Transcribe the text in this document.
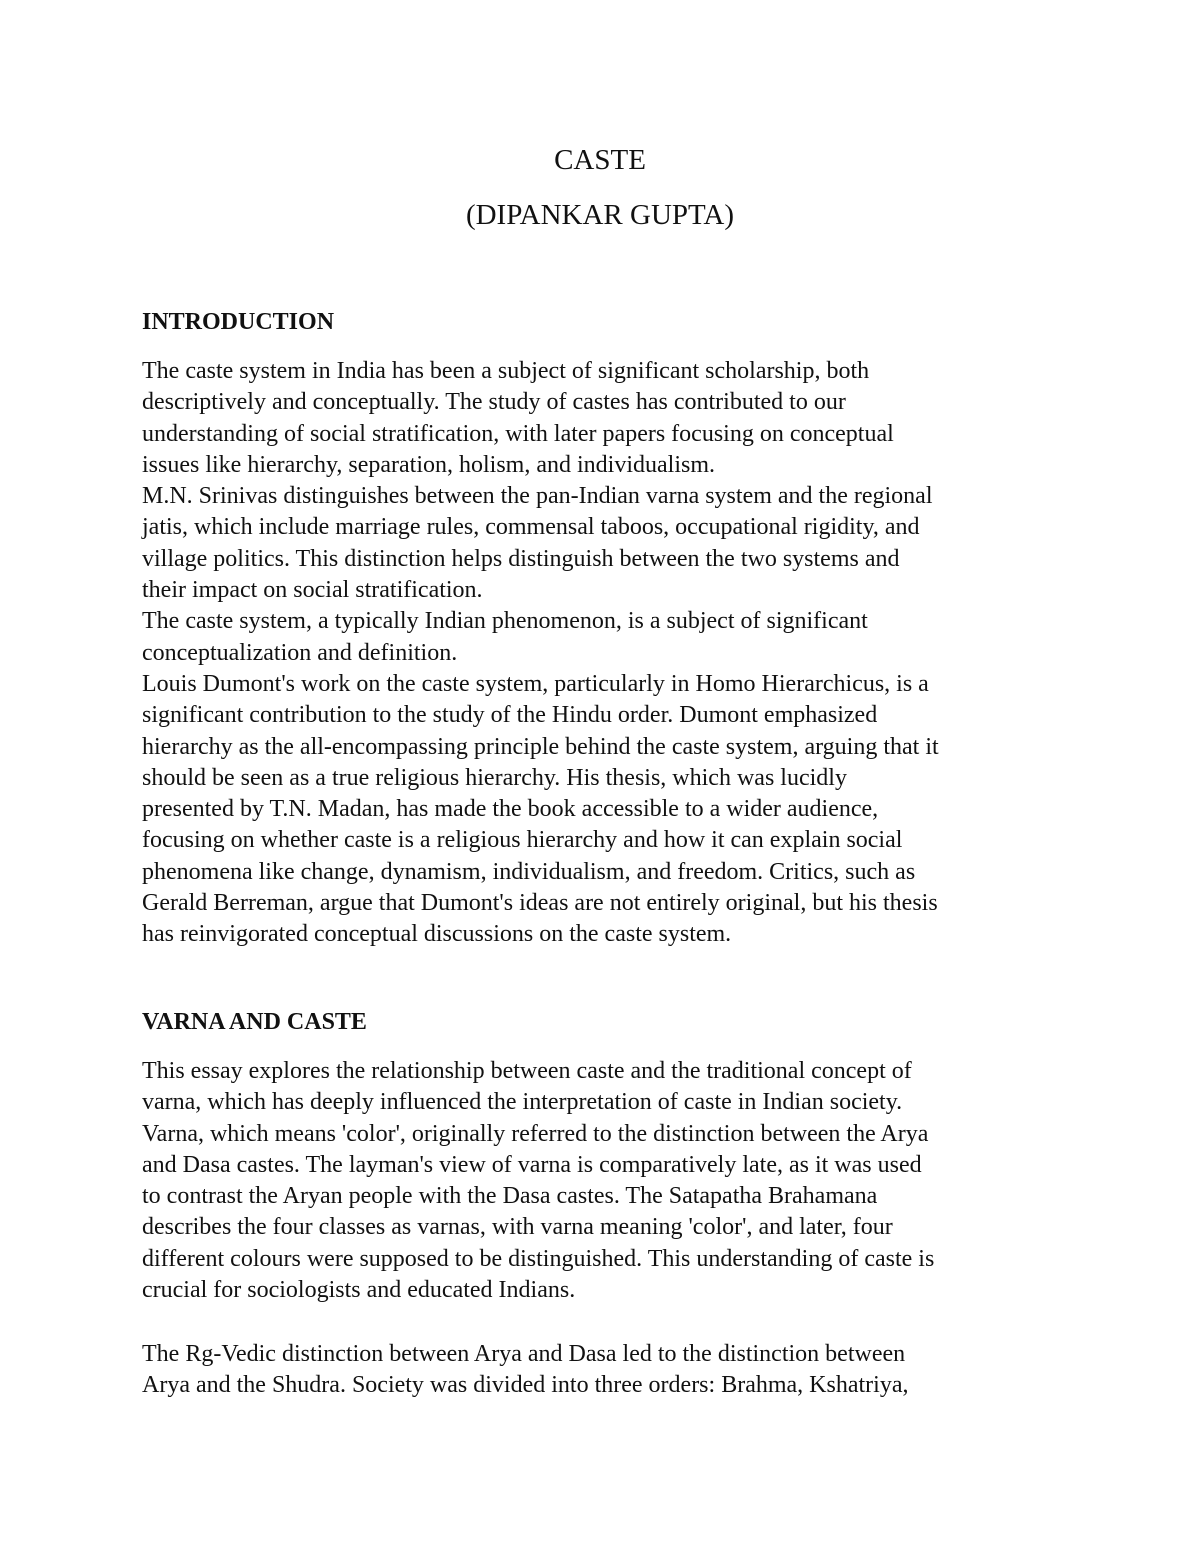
CASTE
(DIPANKAR GUPTA)
INTRODUCTION

The caste system in India has been a subject of significant scholarship, both
descriptively and conceptually. The study of castes has contributed to our
understanding of social stratification, with later papers focusing on conceptual
issues like hierarchy, separation, holism, and individualism.
M.N. Srinivas distinguishes between the pan-Indian varna system and the regional
jatis, which include marriage rules, commensal taboos, occupational rigidity, and
village politics. This distinction helps distinguish between the two systems and
their impact on social stratification.
The caste system, a typically Indian phenomenon, is a subject of significant
conceptualization and definition.
Louis Dumont's work on the caste system, particularly in Homo Hierarchicus, is a
significant contribution to the study of the Hindu order. Dumont emphasized
hierarchy as the all-encompassing principle behind the caste system, arguing that it
should be seen as a true religious hierarchy. His thesis, which was lucidly
presented by T.N. Madan, has made the book accessible to a wider audience,
focusing on whether caste is a religious hierarchy and how it can explain social
phenomena like change, dynamism, individualism, and freedom. Critics, such as
Gerald Berreman, argue that Dumont's ideas are not entirely original, but his thesis
has reinvigorated conceptual discussions on the caste system.

VARNA AND CASTE

This essay explores the relationship between caste and the traditional concept of
varna, which has deeply influenced the interpretation of caste in Indian society.
Varna, which means 'color', originally referred to the distinction between the Arya
and Dasa castes. The layman's view of varna is comparatively late, as it was used
to contrast the Aryan people with the Dasa castes. The Satapatha Brahamana
describes the four classes as varnas, with varna meaning 'color', and later, four
different colours were supposed to be distinguished. This understanding of caste is
crucial for sociologists and educated Indians.

The Rg-Vedic distinction between Arya and Dasa led to the distinction between
Arya and the Shudra. Society was divided into three orders: Brahma, Kshatriya,
